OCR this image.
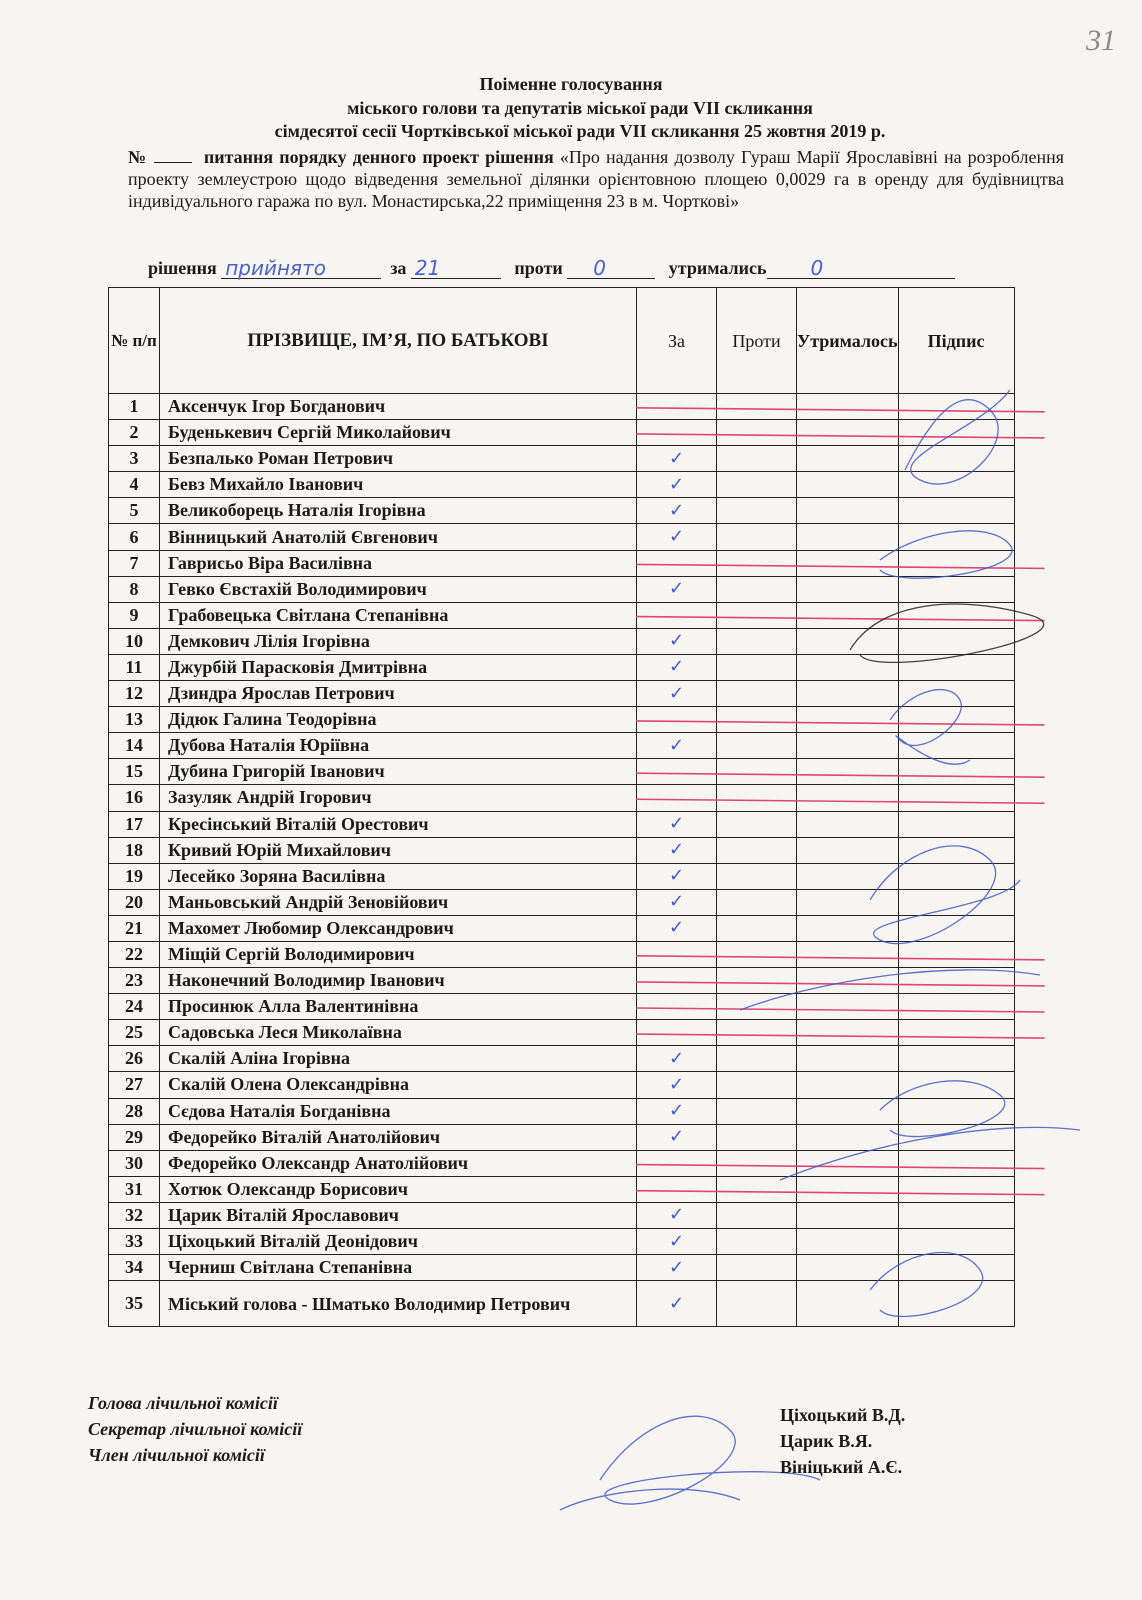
31
Поіменне голосування
міського голови та депутатів міської ради VII скликання
сімдесятої сесії Чортківської міської ради VII скликання 25 жовтня 2019 р.
№	питання порядку денного проект рішення «Про надання дозволу Гураш Марії Ярославівні на розроблення проекту землеустрою щодо відведення земельної ділянки орієнтовною площею 0,0029 га в оренду для будівництва індивідуального гаража по вул. Монастирська,22 приміщення 23 в м. Чорткові»
рішення прийнято	за 21	проти 0	утримались 0
№ п/п	ПРІЗВИЩЕ, ІМ’Я, ПО БАТЬКОВІ	За	Проти	Утрималось	Підпис
1	Аксенчук Ігор Богданович				
2	Буденькевич Сергій Миколайович				
3	Безпалько Роман Петрович	✓			
4	Бевз Михайло Іванович	✓			
5	Великоборець Наталія Ігорівна	✓			
6	Вінницький Анатолій Євгенович	✓			
7	Гаврисьо Віра Василівна				
8	Гевко Євстахій Володимирович	✓			
9	Грабовецька Світлана Степанівна				
10	Демкович Лілія Ігорівна	✓			
11	Джурбій Парасковія Дмитрівна	✓			
12	Дзиндра Ярослав Петрович	✓			
13	Дідюк Галина Теодорівна				
14	Дубова Наталія Юріївна	✓			
15	Дубина Григорій Іванович				
16	Зазуляк Андрій Ігорович				
17	Кресінський Віталій Орестович	✓			
18	Кривий Юрій Михайлович	✓			
19	Лесейко Зоряна Василівна	✓			
20	Маньовський Андрій Зеновійович	✓			
21	Махомет Любомир Олександрович	✓			
22	Міщій Сергій Володимирович				
23	Наконечний Володимир Іванович				
24	Просинюк Алла Валентинівна				
25	Садовська Леся Миколаївна				
26	Скалій Аліна Ігорівна	✓			
27	Скалій Олена Олександрівна	✓			
28	Сєдова Наталія Богданівна	✓			
29	Федорейко Віталій Анатолійович	✓			
30	Федорейко Олександр Анатолійович				
31	Хотюк Олександр Борисович				
32	Царик Віталій Ярославович	✓			
33	Ціхоцький Віталій Деонідович	✓			
34	Черниш Світлана Степанівна	✓			
35	Міський голова - Шматько Володимир Петрович	✓			
Голова лічильної комісії
Секретар лічильної комісії
Член лічильної комісії
Ціхоцький В.Д.
Царик В.Я.
Вініцький А.Є.
